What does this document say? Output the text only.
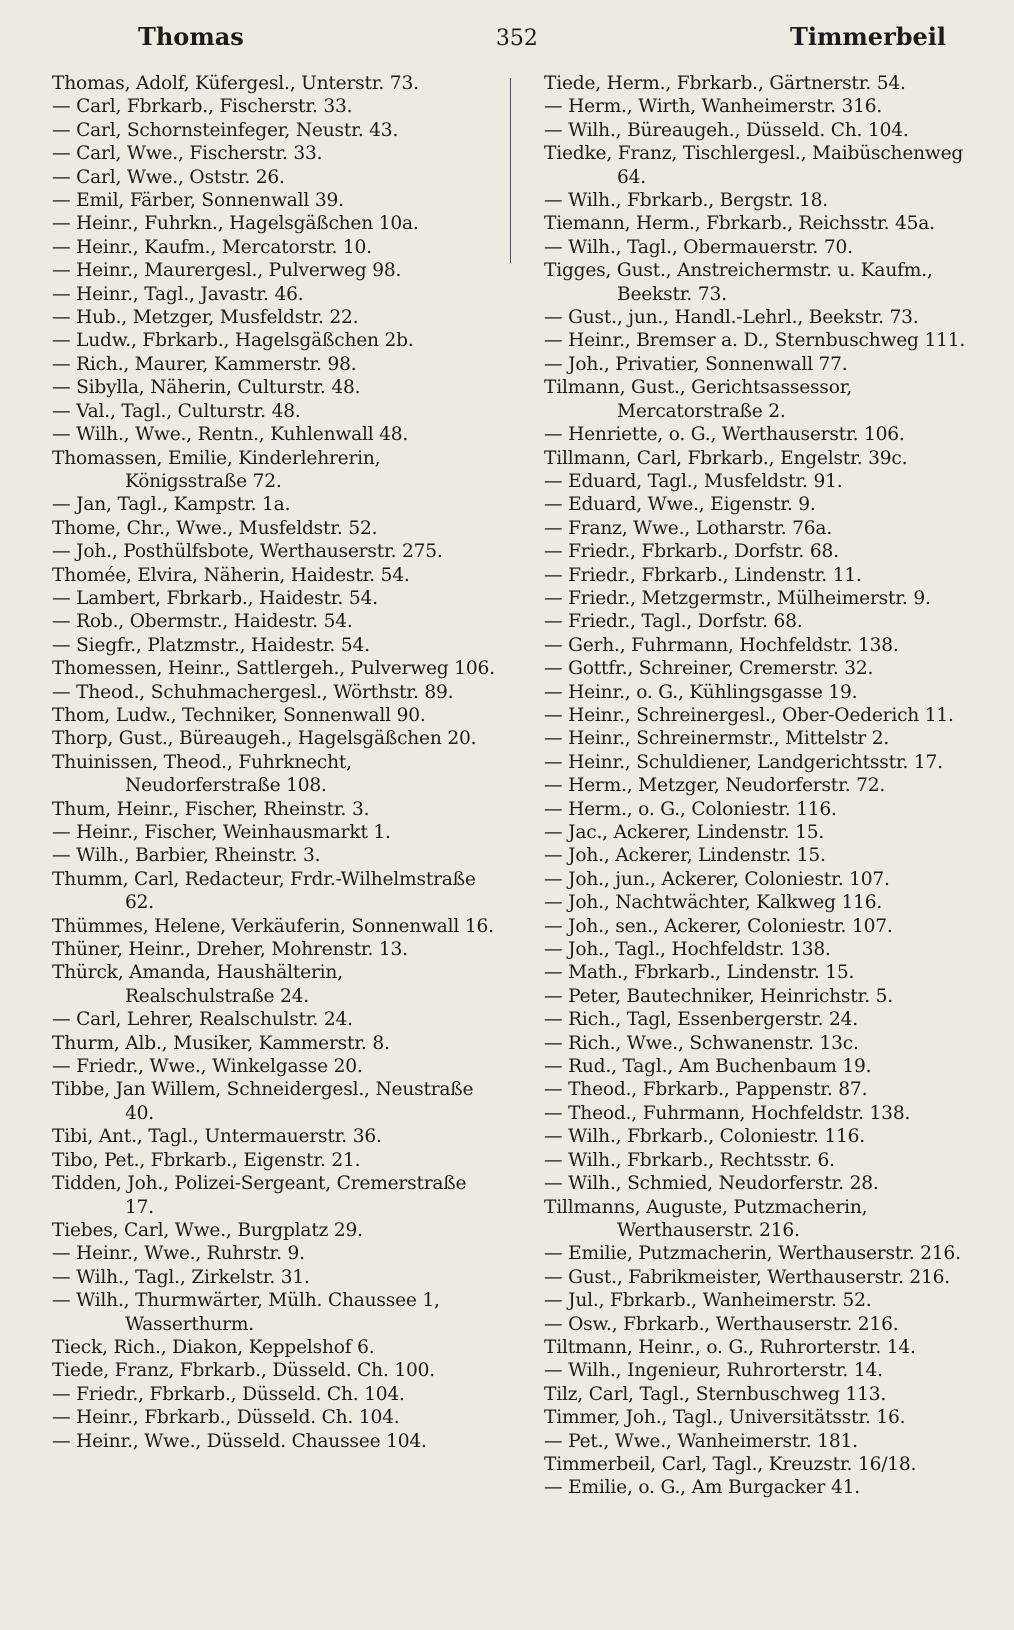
Thomas	352	Timmerbeil
Thomas, Adolf, Küfergesl., Unterstr. 73.
— Carl, Fbrkarb., Fischerstr. 33.
— Carl, Schornsteinfeger, Neustr. 43.
— Carl, Wwe., Fischerstr. 33.
— Carl, Wwe., Oststr. 26.
— Emil, Färber, Sonnenwall 39.
— Heinr., Fuhrkn., Hagelsgäßchen 10a.
— Heinr., Kaufm., Mercatorstr. 10.
— Heinr., Maurergesl., Pulverweg 98.
— Heinr., Tagl., Javastr. 46.
— Hub., Metzger, Musfeldstr. 22.
— Ludw., Fbrkarb., Hagelsgäßchen 2b.
— Rich., Maurer, Kammerstr. 98.
— Sibylla, Näherin, Culturstr. 48.
— Val., Tagl., Culturstr. 48.
— Wilh., Wwe., Rentn., Kuhlenwall 48.
Thomassen, Emilie, Kinderlehrerin, Königsstraße 72.
— Jan, Tagl., Kampstr. 1a.
Thome, Chr., Wwe., Musfeldstr. 52.
— Joh., Posthülfsbote, Werthauserstr. 275.
Thomée, Elvira, Näherin, Haidestr. 54.
— Lambert, Fbrkarb., Haidestr. 54.
— Rob., Obermstr., Haidestr. 54.
— Siegfr., Platzmstr., Haidestr. 54.
Thomessen, Heinr., Sattlergeh., Pulverweg 106.
— Theod., Schuhmachergesl., Wörthstr. 89.
Thom, Ludw., Techniker, Sonnenwall 90.
Thorp, Gust., Büreaugeh., Hagelsgäßchen 20.
Thuinissen, Theod., Fuhrknecht, Neudorferstraße 108.
Thum, Heinr., Fischer, Rheinstr. 3.
— Heinr., Fischer, Weinhausmarkt 1.
— Wilh., Barbier, Rheinstr. 3.
Thumm, Carl, Redacteur, Frdr.-Wilhelmstraße 62.
Thümmes, Helene, Verkäuferin, Sonnenwall 16.
Thüner, Heinr., Dreher, Mohrenstr. 13.
Thürck, Amanda, Haushälterin, Realschulstraße 24.
— Carl, Lehrer, Realschulstr. 24.
Thurm, Alb., Musiker, Kammerstr. 8.
— Friedr., Wwe., Winkelgasse 20.
Tibbe, Jan Willem, Schneidergesl., Neustraße 40.
Tibi, Ant., Tagl., Untermauerstr. 36.
Tibo, Pet., Fbrkarb., Eigenstr. 21.
Tidden, Joh., Polizei-Sergeant, Cremerstraße 17.
Tiebes, Carl, Wwe., Burgplatz 29.
— Heinr., Wwe., Ruhrstr. 9.
— Wilh., Tagl., Zirkelstr. 31.
— Wilh., Thurmwärter, Mülh. Chaussee 1, Wasserthurm.
Tieck, Rich., Diakon, Keppelshof 6.
Tiede, Franz, Fbrkarb., Düsseld. Ch. 100.
— Friedr., Fbrkarb., Düsseld. Ch. 104.
— Heinr., Fbrkarb., Düsseld. Ch. 104.
— Heinr., Wwe., Düsseld. Chaussee 104.
Tiede, Herm., Fbrkarb., Gärtnerstr. 54.
— Herm., Wirth, Wanheimerstr. 316.
— Wilh., Büreaugeh., Düsseld. Ch. 104.
Tiedke, Franz, Tischlergesl., Maibüschenweg 64.
— Wilh., Fbrkarb., Bergstr. 18.
Tiemann, Herm., Fbrkarb., Reichsstr. 45a.
— Wilh., Tagl., Obermauerstr. 70.
Tigges, Gust., Anstreichermstr. u. Kaufm., Beekstr. 73.
— Gust., jun., Handl.-Lehrl., Beekstr. 73.
— Heinr., Bremser a. D., Sternbuschweg 111.
— Joh., Privatier, Sonnenwall 77.
Tilmann, Gust., Gerichtsassessor, Mercatorstraße 2.
— Henriette, o. G., Werthauserstr. 106.
Tillmann, Carl, Fbrkarb., Engelstr. 39c.
— Eduard, Tagl., Musfeldstr. 91.
— Eduard, Wwe., Eigenstr. 9.
— Franz, Wwe., Lotharstr. 76a.
— Friedr., Fbrkarb., Dorfstr. 68.
— Friedr., Fbrkarb., Lindenstr. 11.
— Friedr., Metzgermstr., Mülheimerstr. 9.
— Friedr., Tagl., Dorfstr. 68.
— Gerh., Fuhrmann, Hochfeldstr. 138.
— Gottfr., Schreiner, Cremerstr. 32.
— Heinr., o. G., Kühlingsgasse 19.
— Heinr., Schreinergesl., Ober-Oederich 11.
— Heinr., Schreinermstr., Mittelstr 2.
— Heinr., Schuldiener, Landgerichtsstr. 17.
— Herm., Metzger, Neudorferstr. 72.
— Herm., o. G., Coloniestr. 116.
— Jac., Ackerer, Lindenstr. 15.
— Joh., Ackerer, Lindenstr. 15.
— Joh., jun., Ackerer, Coloniestr. 107.
— Joh., Nachtwächter, Kalkweg 116.
— Joh., sen., Ackerer, Coloniestr. 107.
— Joh., Tagl., Hochfeldstr. 138.
— Math., Fbrkarb., Lindenstr. 15.
— Peter, Bautechniker, Heinrichstr. 5.
— Rich., Tagl, Essenbergerstr. 24.
— Rich., Wwe., Schwanenstr. 13c.
— Rud., Tagl., Am Buchenbaum 19.
— Theod., Fbrkarb., Pappenstr. 87.
— Theod., Fuhrmann, Hochfeldstr. 138.
— Wilh., Fbrkarb., Coloniestr. 116.
— Wilh., Fbrkarb., Rechtsstr. 6.
— Wilh., Schmied, Neudorferstr. 28.
Tillmanns, Auguste, Putzmacherin, Werthauserstr. 216.
— Emilie, Putzmacherin, Werthauserstr. 216.
— Gust., Fabrikmeister, Werthauserstr. 216.
— Jul., Fbrkarb., Wanheimerstr. 52.
— Osw., Fbrkarb., Werthauserstr. 216.
Tiltmann, Heinr., o. G., Ruhrorterstr. 14.
— Wilh., Ingenieur, Ruhrorterstr. 14.
Tilz, Carl, Tagl., Sternbuschweg 113.
Timmer, Joh., Tagl., Universitätsstr. 16.
— Pet., Wwe., Wanheimerstr. 181.
Timmerbeil, Carl, Tagl., Kreuzstr. 16/18.
— Emilie, o. G., Am Burgacker 41.
